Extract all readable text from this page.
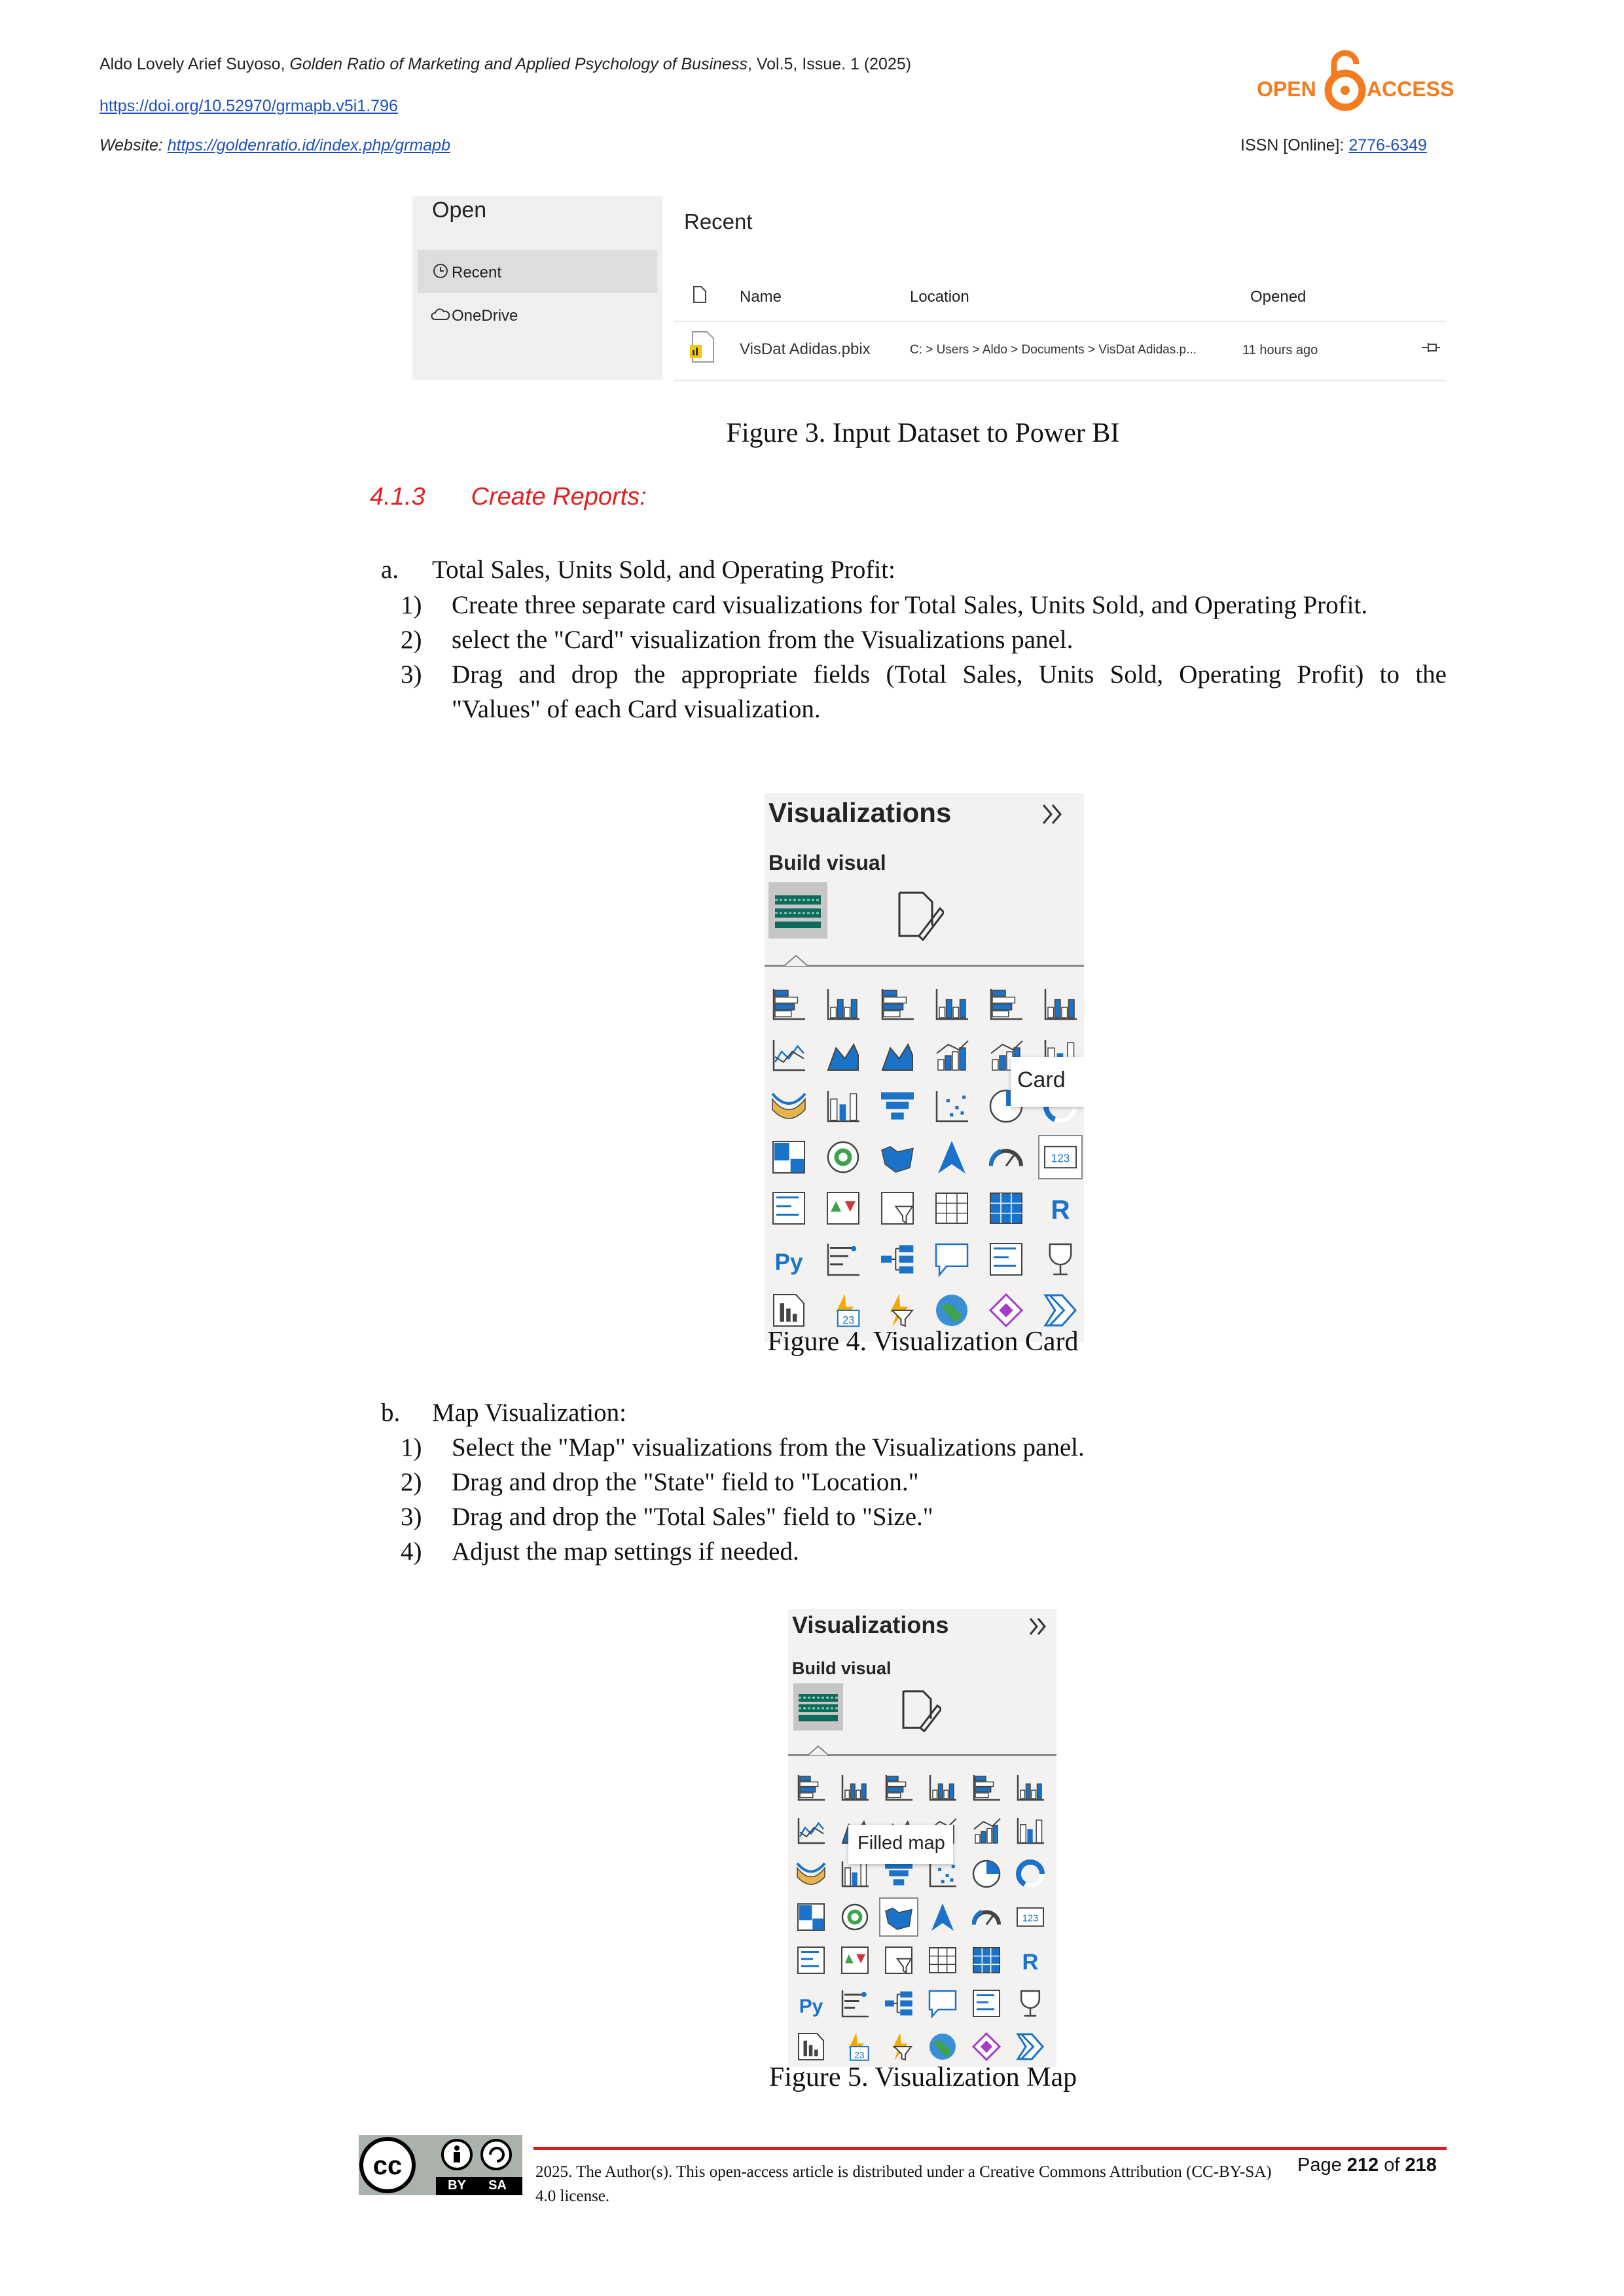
Aldo Lovely Arief Suyoso, Golden Ratio of Marketing and Applied Psychology of Business, Vol.5, Issue. 1 (2025)
https://doi.org/10.52970/grmapb.v5i1.796
Website: https://goldenratio.id/index.php/grmapb	ISSN [Online]: 2776-6349
OPEN ACCESS
Open
Recent
OneDrive
Recent
Name	Location	Opened
VisDat Adidas.pbix	C: > Users > Aldo > Documents > VisDat Adidas.p...	11 hours ago
Figure 3. Input Dataset to Power BI
4.1.3 Create Reports:
a. Total Sales, Units Sold, and Operating Profit:
1) Create three separate card visualizations for Total Sales, Units Sold, and Operating Profit.
2) select the "Card" visualization from the Visualizations panel.
3) Drag and drop the appropriate fields (Total Sales, Units Sold, Operating Profit) to the
"Values" of each Card visualization.
Visualizations
Build visual
123
R
Py
23
Card
Figure 4. Visualization Card
b. Map Visualization:
1) Select the "Map" visualizations from the Visualizations panel.
2) Drag and drop the "State" field to "Location."
3) Drag and drop the "Total Sales" field to "Size."
4) Adjust the map settings if needed.
Visualizations
Build visual
123
R
Py
23
Filled map
Figure 5. Visualization Map
cc
BY	SA
2025. The Author(s). This open-access article is distributed under a Creative Commons Attribution (CC-BY-SA) 4.0 license.
Page 212 of 218
